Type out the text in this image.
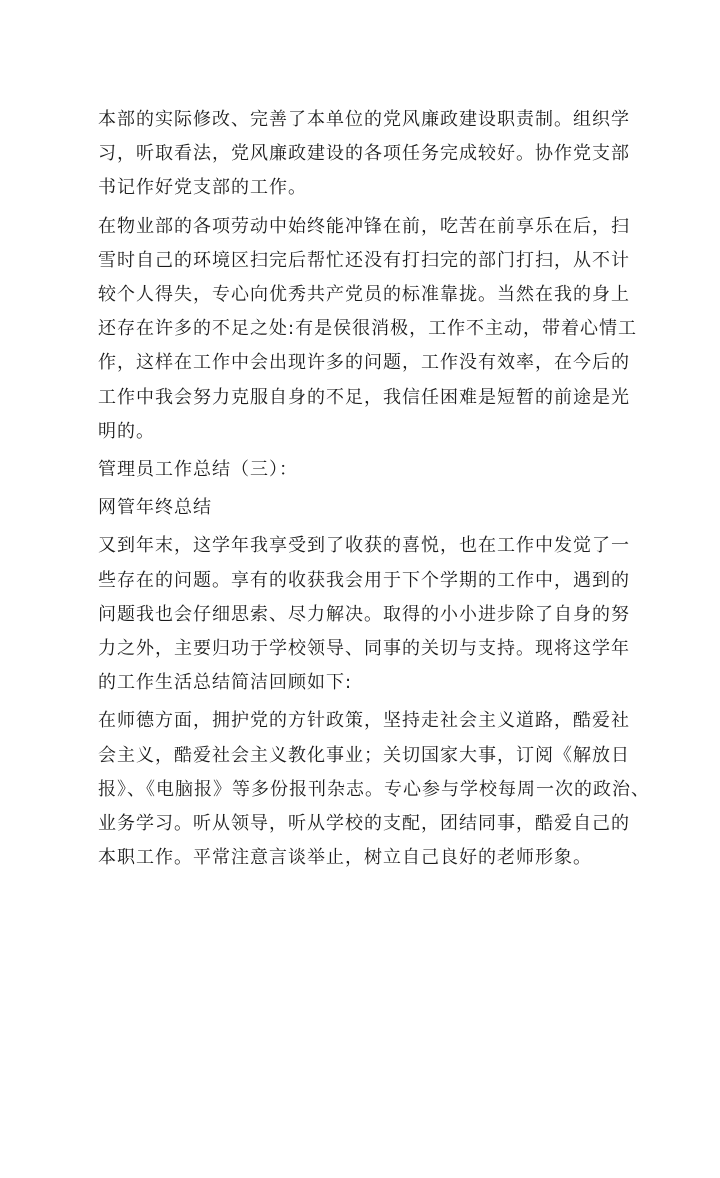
本部的实际修改、完善了本单位的党风廉政建设职责制。组织学
习，听取看法，党风廉政建设的各项任务完成较好。协作党支部
书记作好党支部的工作。
在物业部的各项劳动中始终能冲锋在前，吃苦在前享乐在后，扫
雪时自己的环境区扫完后帮忙还没有打扫完的部门打扫，从不计
较个人得失，专心向优秀共产党员的标准靠拢。当然在我的身上
还存在许多的不足之处:有是侯很消极，工作不主动，带着心情工
作，这样在工作中会出现许多的问题，工作没有效率，在今后的
工作中我会努力克服自身的不足，我信任困难是短暂的前途是光
明的。
管理员工作总结（三）：
网管年终总结
又到年末，这学年我享受到了收获的喜悦，也在工作中发觉了一
些存在的问题。享有的收获我会用于下个学期的工作中，遇到的
问题我也会仔细思索、尽力解决。取得的小小进步除了自身的努
力之外，主要归功于学校领导、同事的关切与支持。现将这学年
的工作生活总结简洁回顾如下:
在师德方面，拥护党的方针政策，坚持走社会主义道路，酷爱社
会主义，酷爱社会主义教化事业；关切国家大事，订阅《解放日
报》、《电脑报》等多份报刊杂志。专心参与学校每周一次的政治、
业务学习。听从领导，听从学校的支配，团结同事，酷爱自己的
本职工作。平常注意言谈举止，树立自己良好的老师形象。
